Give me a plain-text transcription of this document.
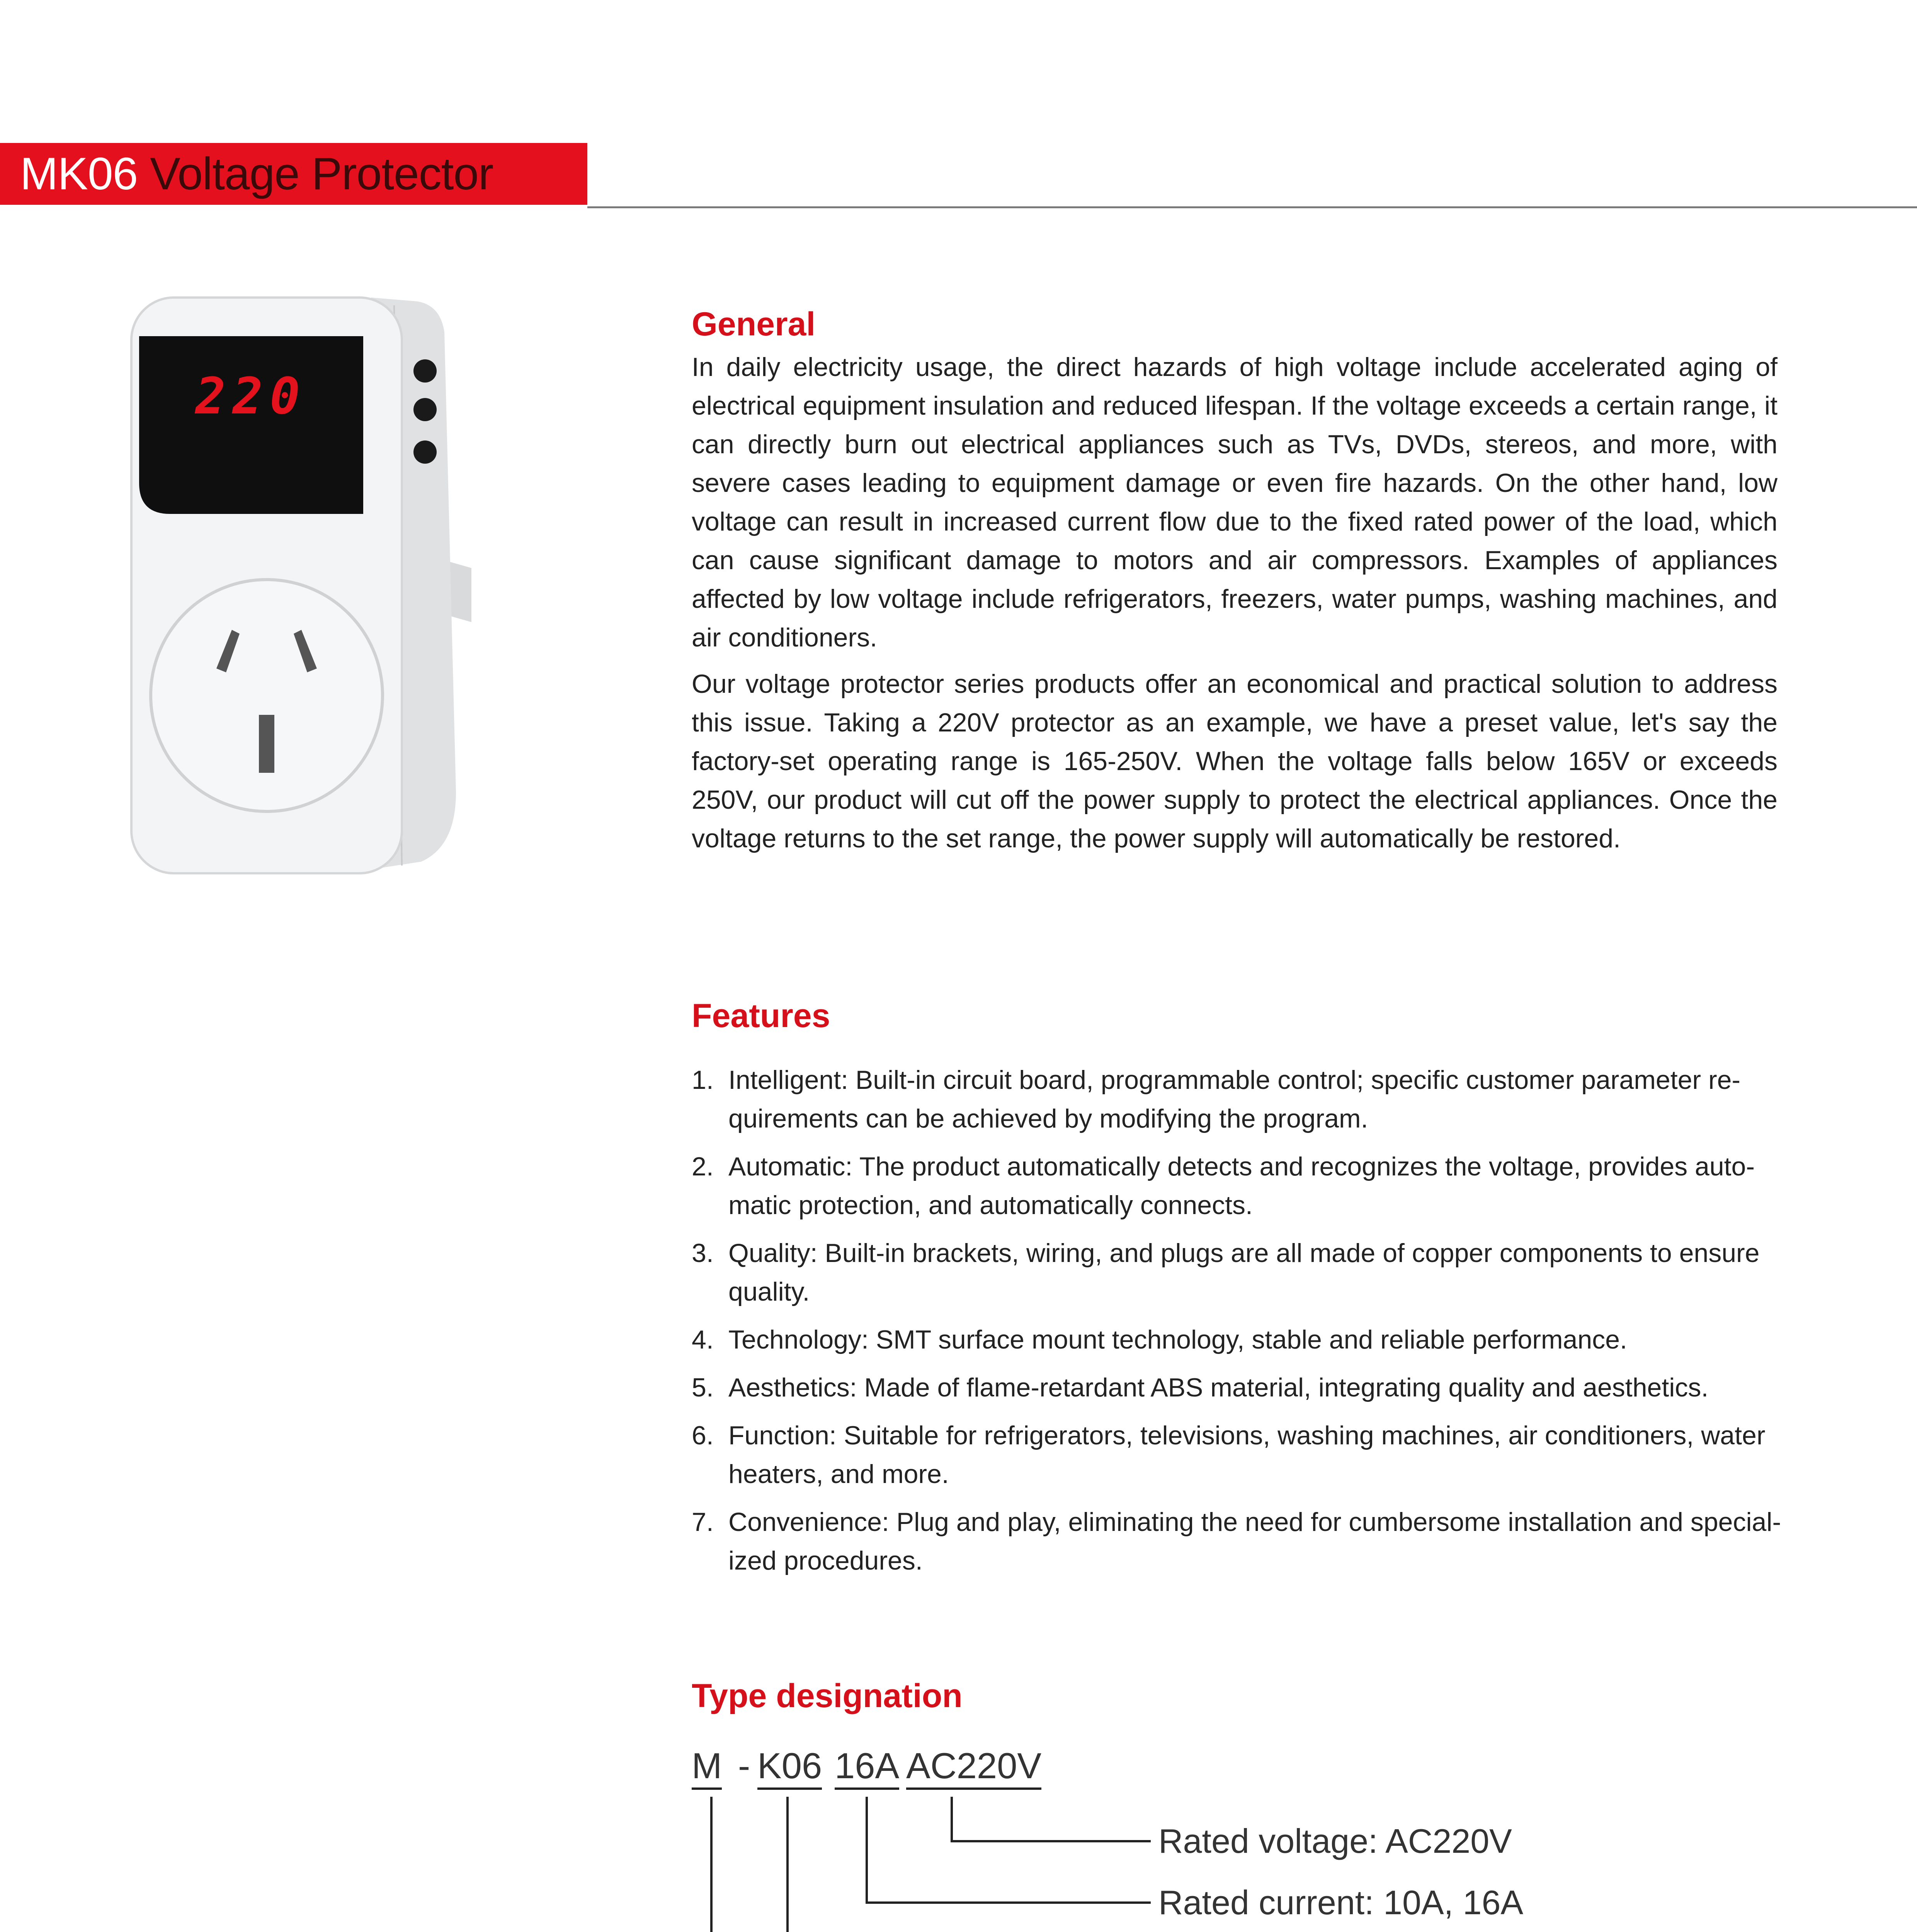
MK06 Voltage Protector
220
General

In daily electricity usage, the direct hazards of high voltage include accelerated aging of electrical equipment insulation and reduced lifespan. If the voltage exceeds a certain range, it can directly burn out electrical appliances such as TVs, DVDs, stereos, and more, with severe cases leading to equipment damage or even fire hazards. On the other hand, low voltage can result in increased current flow due to the fixed rated power of the load, which can cause significant damage to motors and air compressors. Examples of appliances affected by low voltage include refrigerators, freezers, water pumps, washing machines, and air conditioners.

Our voltage protector series products offer an economical and practical solution to address this issue. Taking a 220V protector as an example, we have a preset value, let's say the factory-set operating range is 165-250V. When the voltage falls below 165V or exceeds 250V, our product will cut off the power supply to protect the electrical appliances. Once the voltage returns to the set range, the power supply will automatically be restored.

Features
1. Intelligent: Built-in circuit board, programmable control; specific customer parameter re-quirements can be achieved by modifying the program.
2. Automatic: The product automatically detects and recognizes the voltage, provides auto-matic protection, and automatically connects.
3. Quality: Built-in brackets, wiring, and plugs are all made of copper components to ensure quality.
4. Technology: SMT surface mount technology, stable and reliable performance.
5. Aesthetics: Made of flame-retardant ABS material, integrating quality and aesthetics.
6. Function: Suitable for refrigerators, televisions, washing machines, air conditioners, water heaters, and more.
7. Convenience: Plug and play, eliminating the need for cumbersome installation and special-ized procedures.
Type designation
M - K06 16A AC220V
Rated voltage: AC220V
Rated current: 10A, 16A
